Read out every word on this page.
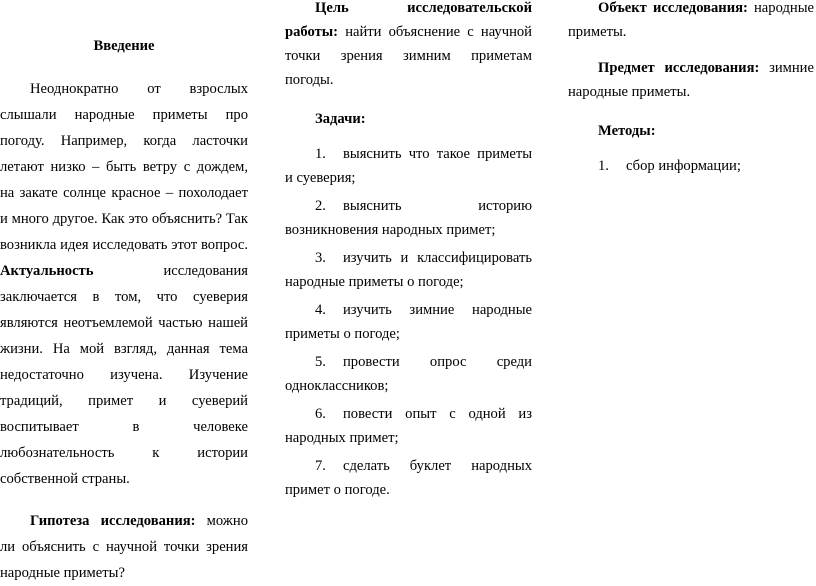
Введение

Неоднократно от взрослых слышали народные приметы про погоду. Например, когда ласточки летают низко – быть ветру с дождем, на закате солнце красное – похолодает и много другое. Как это объяснить? Так возникла идея исследовать этот вопрос. Актуальность	исследования заключается в том, что суеверия являются неотъемлемой частью нашей жизни. На мой взгляд, данная тема недостаточно изучена. Изучение традиций, примет и суеверий воспитывает в человеке любознательность к истории собственной страны.

Гипотеза исследования: можно ли объяснить с научной точки зрения народные приметы?

Цель исследовательской работы: найти объяснение с научной точки зрения зимним приметам погоды.

Задачи:

1. выяснить что такое приметы и суеверия;
2. выяснить историю возникновения народных примет;
3. изучить и классифицировать народные приметы о погоде;
4. изучить зимние народные приметы о погоде;
5. провести опрос среди одноклассников;
6. повести опыт с одной из народных примет;
7. сделать буклет народных примет о погоде.

Объект исследования: народные приметы.

Предмет исследования: зимние народные приметы.

Методы:

1. сбор информации;
